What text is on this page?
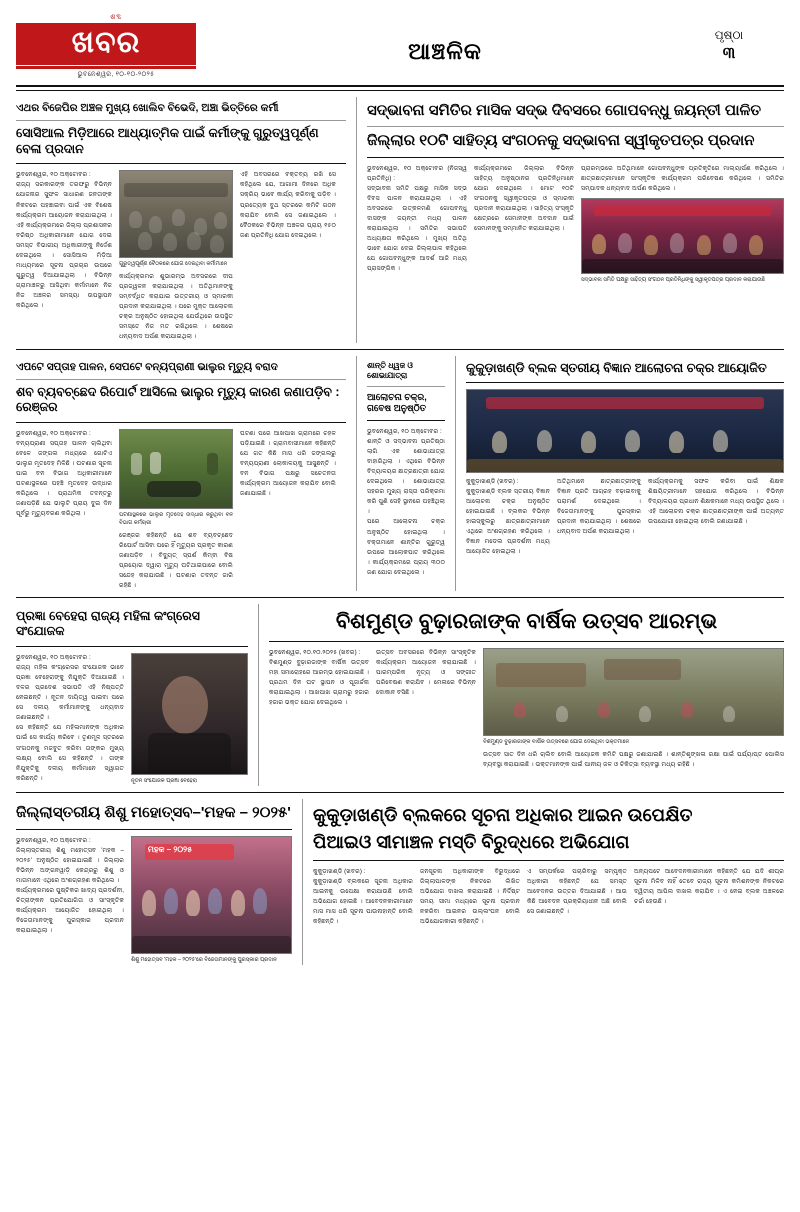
ଶବ୍ଦ
ଖବର
ଭୁବନେଶ୍ୱର, ୧୦-୧୦-୨୦୨୫
ଆଞ୍ଚଳିକ
ପୃଷ୍ଠା
୩
ଏଥର ବିଜେପିର ଅଞ୍ଚଳ ମୁଖ୍ୟ ଖୋଲିବ ବିଭେଦି, ଅଞ୍ଚା ଭିତ୍ତିରେ କର୍ମୀ
ସୋସିଆଲ ମିଡ଼ିଆରେ ଆଧ୍ୟାତ୍ମିକ ପାଇଁ କର୍ମୀଙ୍କୁ ଗୁରୁତ୍ୱପୂର୍ଣ୍ଣ ବେଳା ପ୍ରଦାନ
ଭୁବନେଶ୍ୱର, ୧୦ ଅକ୍ଟୋବର :
ରାଜ୍ୟ ସରକାରଙ୍କ ତରଫରୁ ବିଭିନ୍ନ ଯୋଜନାର ସୁଫଳ ସାଧାରଣ ଜନତାଙ୍କ ନିକଟରେ ପହଞ୍ଚାଇବା ପାଇଁ ଏକ ବିଶେଷ କାର୍ଯ୍ୟକ୍ରମ ଆୟୋଜନ କରାଯାଇଥିଲା । ଏହି କାର୍ଯ୍ୟକ୍ରମରେ ଜିଲ୍ଲା ପ୍ରଶାସନର ବରିଷ୍ଠ ଅଧିକାରୀମାନେ ଯୋଗ ଦେଇ ସମସ୍ତ ବିଭାଗୀୟ ଅଧିକାରୀଙ୍କୁ ନିର୍ଦ୍ଦେଶ ଦେଇଥିଲେ । ସୋସିଆଲ ମିଡ଼ିଆ ମାଧ୍ୟମରେ ସୂଚନା ପ୍ରଚାର ଉପରେ ଗୁରୁତ୍ୱ ଦିଆଯାଇଥିଲା । ବିଭିନ୍ନ ଗ୍ରାମାଞ୍ଚଳରୁ ଆସିଥିବା କର୍ମୀମାନେ ନିଜ ନିଜ ଅଞ୍ଚଳର ସମସ୍ୟା ଉପସ୍ଥାପନ କରିଥିଲେ ।
ଗୁରୁତ୍ୱପୂର୍ଣ୍ଣ ବୈଠକରେ ଯୋଗ ଦେଇଥିବା କର୍ମୀମାନେ
କାର୍ଯ୍ୟକ୍ରମର ଶୁଭାରମ୍ଭ ଅବସରରେ ଦୀପ ପ୍ରଜ୍ୱଳନ କରାଯାଇଥିଲା । ଅତିଥିମାନଙ୍କୁ ସମ୍ବର୍ଦ୍ଧିତ କରାଯାଇ ଉତ୍ତରୀୟ ଓ ସ୍ମାରକୀ ପ୍ରଦାନ କରାଯାଇଥିଲା । ପରେ ମୁକ୍ତ ଆଲୋଚନା ଚକ୍ର ଅନୁଷ୍ଠିତ ହୋଇଥିଲା ଯେଉଁଥିରେ ଉପସ୍ଥିତ ସମସ୍ତେ ନିଜ ମତ ରଖିଥିଲେ । ଶେଷରେ ଧନ୍ୟବାଦ ଅର୍ପଣ କରାଯାଇଥିଲା ।
ଏହି ଅବସରରେ ବକ୍ତବ୍ୟ ରଖି ସେ କହିଥିଲେ ଯେ, ଆଗାମୀ ଦିନରେ ଅଧିକ ସକ୍ରିୟ ଭାବେ କାର୍ଯ୍ୟ କରିବାକୁ ପଡ଼ିବ । ପ୍ରତ୍ୟେକ ବୁଥ ସ୍ତରରେ କମିଟି ଗଠନ କରାଯିବ ବୋଲି ସେ ଜଣାଇଥିଲେ । ବୈଠକରେ ବିଭିନ୍ନ ଅଞ୍ଚଳର ପ୍ରାୟ ୧୫୦ ଜଣ ପ୍ରତିନିଧି ଯୋଗ ଦେଇଥିଲେ ।
ସଦ୍‌ଭାବନା ସମିତିର ମାସିକ ସଦ୍ଭ ଦିବସରେ ଗୋପବନ୍ଧୁ ଜୟନ୍ତୀ ପାଳିତ
ଜିଲ୍ଲାର ୧୦ଟି ସାହିତ୍ୟ ସଂଗଠନକୁ ସଦ୍‌ଭାବନା ସ୍ୱୀକୃତପତ୍ର ପ୍ରଦାନ
ଭୁବନେଶ୍ୱର, ୧୦ ଅକ୍ଟୋବର (ନିଜସ୍ୱ ପ୍ରତିନିଧି) :
ସଦ୍‌ଭାବନା ସମିତି ପକ୍ଷରୁ ମାସିକ ସଦ୍ଭ ଦିବସ ପାଳନ କରାଯାଇଥିଲା । ଏହି ଅବସରରେ ଉତ୍କଳମଣି ଗୋପବନ୍ଧୁ ଦାସଙ୍କ ଜୟନ୍ତୀ ମଧ୍ୟ ପାଳନ କରାଯାଇଥିଲା । ସମିତିର ସଭାପତି ଅଧ୍ୟକ୍ଷତା କରିଥିଲେ । ମୁଖ୍ୟ ଅତିଥି ଭାବେ ଯୋଗ ଦେଇ ଜିଲ୍ଲାପାଳ କହିଥିଲେ ଯେ ଗୋପବନ୍ଧୁଙ୍କ ଆଦର୍ଶ ଆଜି ମଧ୍ୟ ପ୍ରାସଙ୍ଗିକ ।
କାର୍ଯ୍ୟକ୍ରମରେ ଜିଲ୍ଲାର ବିଭିନ୍ନ ସାହିତ୍ୟ ଅନୁଷ୍ଠାନର ପ୍ରତିନିଧିମାନେ ଯୋଗ ଦେଇଥିଲେ । ମୋଟ ୧୦ଟି ସଂଗଠନକୁ ସ୍ୱୀକୃତପତ୍ର ଓ ସ୍ମାରକୀ ପ୍ରଦାନ କରାଯାଇଥିଲା । ସାହିତ୍ୟ ସଂସ୍କୃତି କ୍ଷେତ୍ରରେ ସେମାନଙ୍କ ଅବଦାନ ପାଇଁ ସେମାନଙ୍କୁ ସମ୍ମାନିତ କରାଯାଇଥିଲା ।
ପ୍ରାରମ୍ଭରେ ଅତିଥିମାନେ ଗୋପବନ୍ଧୁଙ୍କ ପ୍ରତିକୃତିରେ ମାଲ୍ୟାର୍ପଣ କରିଥିଲେ । ଛାତ୍ରଛାତ୍ରୀମାନେ ସାଂସ୍କୃତିକ କାର୍ଯ୍ୟକ୍ରମ ପରିବେଷଣ କରିଥିଲେ । ସମିତିର ସମ୍ପାଦକ ଧନ୍ୟବାଦ ଅର୍ପଣ କରିଥିଲେ ।
ସଦ୍‌ଭାବନା ସମିତି ପକ୍ଷରୁ ସାହିତ୍ୟ ସଂଗଠନ ପ୍ରତିନିଧିଙ୍କୁ ସ୍ୱୀକୃତପତ୍ର ପ୍ରଦାନ କରାଯାଉଛି
ଏପଟେ ସପ୍ତାହ ପାଳନ, ସେପଟେ ବନ୍ୟପ୍ରାଣୀ ଭାଲୁର ମୃତ୍ୟୁ ବରାଦ
ଶବ ବ୍ୟବଚ୍ଛେଦ ରିପୋର୍ଟ ଆସିଲେ ଭାଲୁର ମୃତ୍ୟୁ କାରଣ ଜଣାପଡ଼ିବ : ରେଞ୍ଜର
ଭୁବନେଶ୍ୱର, ୧୦ ଅକ୍ଟୋବର :
ବନ୍ୟପ୍ରାଣୀ ସପ୍ତାହ ପାଳନ ଚାଲିଥିବା ବେଳେ ଜଙ୍ଗଲ ମଧ୍ୟରେ ଗୋଟିଏ ଭାଲୁର ମୃତଦେହ ମିଳିଛି । ଘଟଣାର ସୂଚନା ପାଇ ବନ ବିଭାଗ ଅଧିକାରୀମାନେ ଘଟଣାସ୍ଥଳରେ ପହଞ୍ଚି ମୃତଦେହ ଉଦ୍ଧାର କରିଥିଲେ । ପ୍ରାଥମିକ ତଦନ୍ତରୁ ଜଣାପଡ଼ିଛି ଯେ ଭାଲୁଟି ପ୍ରାୟ ଦୁଇ ଦିନ ପୂର୍ବରୁ ମୃତ୍ୟୁବରଣ କରିଥିଲା ।	ଘଟଣାସ୍ଥଳରେ ଭାଲୁର ମୃତଦେହ ଉଦ୍ଧାର କରୁଥିବା ବନ ବିଭାଗ କର୍ମଚାରୀ
ରେଞ୍ଜର କହିଛନ୍ତି ଯେ ଶବ ବ୍ୟବଚ୍ଛେଦ ରିପୋର୍ଟ ଆସିବା ପରେ ହିଁ ମୃତ୍ୟୁର ପ୍ରକୃତ କାରଣ ଜଣାପଡ଼ିବ । ବିଦ୍ୟୁତ୍ ସ୍ପର୍ଶ କିମ୍ବା ବିଷ ପ୍ରୟୋଗ ଦ୍ୱାରା ମୃତ୍ୟୁ ଘଟିଥାଇପାରେ ବୋଲି ସନ୍ଦେହ କରାଯାଉଛି । ଘଟଣାର ତଦନ୍ତ ଜାରି ରହିଛି ।
ଘଟଣା ପରେ ଆଖପାଖ ଗ୍ରାମରେ ଚହଳ ପଡ଼ିଯାଇଛି । ଗ୍ରାମବାସୀମାନେ କହିଛନ୍ତି ଯେ ଗତ କିଛି ମାସ ଧରି ଜଙ୍ଗଲରୁ ବନ୍ୟପ୍ରାଣୀ ଲୋକାଳୟକୁ ଆସୁଛନ୍ତି । ବନ ବିଭାଗ ପକ୍ଷରୁ ସଚେତନତା କାର୍ଯ୍ୟକ୍ରମ ଆୟୋଜନ କରାଯିବ ବୋଲି ଜଣାଯାଇଛି ।
ଶାନ୍ତି ଧ୍ୱଜ ଓ ଶୋଭାଯାତ୍ରା
ଆଲୋଚନା ଚକ୍ର, ଗବେଷ ଅନୁଷ୍ଠିତ
ଭୁବନେଶ୍ୱର, ୧୦ ଅକ୍ଟୋବର :
ଶାନ୍ତି ଓ ସଦ୍‌ଭାବନା ପ୍ରତିଷ୍ଠା ଲାଗି ଏକ ଶୋଭାଯାତ୍ରା ବାହାରିଥିଲା । ଏଥିରେ ବିଭିନ୍ନ ବିଦ୍ୟାଳୟର ଛାତ୍ରଛାତ୍ରୀ ଯୋଗ ଦେଇଥିଲେ । ଶୋଭାଯାତ୍ରା ସହରର ମୁଖ୍ୟ ରାସ୍ତା ପରିକ୍ରମା କରି ପୁଣି ସେହି ସ୍ଥାନରେ ପହଞ୍ଚିଥିଲା ।
ପରେ ଆଲୋଚନା ଚକ୍ର ଅନୁଷ୍ଠିତ ହୋଇଥିଲା । ବକ୍ତାମାନେ ଶାନ୍ତିର ଗୁରୁତ୍ୱ ଉପରେ ଆଲୋକପାତ କରିଥିଲେ । କାର୍ଯ୍ୟକ୍ରମରେ ପ୍ରାୟ ୩୦୦ ଜଣ ଯୋଗ ଦେଇଥିଲେ ।
କୁକୁଡ଼ାଖଣ୍ଡି ବ୍ଲକ ସ୍ତରୀୟ ବିଜ୍ଞାନ ଆଲୋଚନା ଚକ୍ର ଆୟୋଜିତ
କୁକୁଡ଼ାଖଣ୍ଡି (ଖବର) :
କୁକୁଡ଼ାଖଣ୍ଡି ବ୍ଲକ ସ୍ତରୀୟ ବିଜ୍ଞାନ ଆଲୋଚନା ଚକ୍ର ଅନୁଷ୍ଠିତ ହୋଇଯାଇଛି । ବ୍ଲକର ବିଭିନ୍ନ ହାଇସ୍କୁଲରୁ ଛାତ୍ରଛାତ୍ରୀମାନେ ଏଥିରେ ଅଂଶଗ୍ରହଣ କରିଥିଲେ । ବିଜ୍ଞାନ ମଡେଲ ପ୍ରଦର୍ଶନୀ ମଧ୍ୟ ଆୟୋଜିତ ହୋଇଥିଲା ।
ଅତିଥିମାନେ ଛାତ୍ରଛାତ୍ରୀଙ୍କୁ ବିଜ୍ଞାନ ପ୍ରତି ଆଗ୍ରହ ବଢ଼ାଇବାକୁ ପରାମର୍ଶ ଦେଇଥିଲେ । ବିଜେତାମାନଙ୍କୁ ପୁରସ୍କାର ପ୍ରଦାନ କରାଯାଇଥିଲା । ଶେଷରେ ଧନ୍ୟବାଦ ଅର୍ପଣ କରାଯାଇଥିଲା ।
କାର୍ଯ୍ୟକ୍ରମକୁ ସଫଳ କରିବା ପାଇଁ ଶିକ୍ଷକ ଶିକ୍ଷୟିତ୍ରୀମାନେ ସହଯୋଗ କରିଥିଲେ । ବିଭିନ୍ନ ବିଦ୍ୟାଳୟର ପ୍ରଧାନ ଶିକ୍ଷକମାନେ ମଧ୍ୟ ଉପସ୍ଥିତ ଥିଲେ । ଏହି ଆଲୋଚନା ଚକ୍ର ଛାତ୍ରଛାତ୍ରୀଙ୍କ ପାଇଁ ଅତ୍ୟନ୍ତ ଉପଯୋଗୀ ହୋଇଥିଲା ବୋଲି ଜଣାଯାଇଛି ।
ପ୍ରଜ୍ଞା ବେହେରା ରାଜ୍ୟ ମହିଳା କଂଗ୍ରେସ ସଂଯୋଜକ
ଭୁବନେଶ୍ୱର, ୧୦ ଅକ୍ଟୋବର :
ରାଜ୍ୟ ମହିଳା କଂଗ୍ରେସର ସଂଯୋଜକ ଭାବେ ପ୍ରଜ୍ଞା ବେହେରାଙ୍କୁ ନିଯୁକ୍ତି ଦିଆଯାଇଛି । ଦଳର ପ୍ରଦେଶ ସଭାପତି ଏହି ନିଷ୍ପତ୍ତି ନେଇଛନ୍ତି । ନୂତନ ଦାୟିତ୍ୱ ପାଇବା ପରେ ସେ ଦଳୀୟ କର୍ମୀମାନଙ୍କୁ ଧନ୍ୟବାଦ ଜଣାଇଛନ୍ତି ।
ସେ କହିଛନ୍ତି ଯେ ମହିଳାମାନଙ୍କ ଅଧିକାର ପାଇଁ ସେ କାର୍ଯ୍ୟ କରିବେ । ତୃଣମୂଳ ସ୍ତରରେ ସଂଗଠନକୁ ମଜବୁତ କରିବା ତାଙ୍କର ମୁଖ୍ୟ ଲକ୍ଷ୍ୟ ବୋଲି ସେ କହିଛନ୍ତି । ତାଙ୍କ ନିଯୁକ୍ତିକୁ ଦଳୀୟ କର୍ମୀମାନେ ସ୍ୱାଗତ କରିଛନ୍ତି ।	ନୂତନ ସଂଯୋଜକ ପ୍ରଜ୍ଞା ବେହେରା
ବିଶମୁଣ୍ଡ ବୁଢ଼ାରଜାଙ୍କ ବାର୍ଷିକ ଉତ୍ସବ ଆରମ୍ଭ
ଭୁବନେଶ୍ୱର, ୧୦.୧୦.୨୦୨୫ (ଖବର) :
ବିଶମୁଣ୍ଡ ବୁଢ଼ାରଜାଙ୍କ ବାର୍ଷିକ ଉତ୍ସବ ମହା ସମାରୋହରେ ଆରମ୍ଭ ହୋଇଯାଇଛି । ପ୍ରଥମ ଦିନ ଘଟ ସ୍ଥାପନ ଓ ପୂଜାର୍ଚ୍ଚନା କରାଯାଇଥିଲା । ଆଖପାଖ ଗ୍ରାମରୁ ହଜାର ହଜାର ଭକ୍ତ ଯୋଗ ଦେଇଥିଲେ ।
ଉତ୍ସବ ଅବସରରେ ବିଭିନ୍ନ ସାଂସ୍କୃତିକ କାର୍ଯ୍ୟକ୍ରମ ଆୟୋଜନ କରାଯାଇଛି । ପାରମ୍ପରିକ ନୃତ୍ୟ ଓ ସଙ୍ଗୀତ ପରିବେଷଣ କରାଯିବ । ମେଳାରେ ବିଭିନ୍ନ ଦୋକାନ ବସିଛି ।
ବିଶମୁଣ୍ଡ ବୁଢ଼ାରଜାଙ୍କ ବାର୍ଷିକ ଉତ୍ସବରେ ଯୋଗ ଦେଇଥିବା ଭକ୍ତମାନେ
ଉତ୍ସବ ସାତ ଦିନ ଧରି ଚାଲିବ ବୋଲି ଆୟୋଜକ କମିଟି ପକ୍ଷରୁ ଜଣାଯାଇଛି । ଶାନ୍ତିଶୃଙ୍ଖଳା ରକ୍ଷା ପାଇଁ ପର୍ଯ୍ୟାପ୍ତ ପୋଲିସ ବ୍ୟବସ୍ଥା କରାଯାଇଛି । ଭକ୍ତମାନଙ୍କ ପାଇଁ ପାନୀୟ ଜଳ ଓ ଚିକିତ୍ସା ବ୍ୟବସ୍ଥା ମଧ୍ୟ ରହିଛି ।
ଜିଲ୍ଲାସ୍ତରୀୟ ଶିଶୁ ମହୋତ୍ସବ–'ମହକ – ୨୦୨୫'
ଭୁବନେଶ୍ୱର, ୧୦ ଅକ୍ଟୋବର :
ଜିଲ୍ଲାସ୍ତରୀୟ ଶିଶୁ ମହୋତ୍ସବ 'ମହକ – ୨୦୨୫' ଅନୁଷ୍ଠିତ ହୋଇଯାଇଛି । ଜିଲ୍ଲାର ବିଭିନ୍ନ ଅଙ୍ଗନୱାଡ଼ି କେନ୍ଦ୍ରରୁ ଶିଶୁ ଓ ମାତାମାନେ ଏଥିରେ ଅଂଶଗ୍ରହଣ କରିଥିଲେ ।
କାର୍ଯ୍ୟକ୍ରମରେ ପୁଷ୍ଟିକର ଖାଦ୍ୟ ପ୍ରଦର୍ଶନୀ, ଚିତ୍ରାଙ୍କନ ପ୍ରତିଯୋଗିତା ଓ ସାଂସ୍କୃତିକ କାର୍ଯ୍ୟକ୍ରମ ଆୟୋଜିତ ହୋଇଥିଲା । ବିଜେତାମାନଙ୍କୁ ପୁରସ୍କାର ପ୍ରଦାନ କରାଯାଇଥିଲା ।
ମହକ – ୨୦୨୫
ଶିଶୁ ମହୋତ୍ସବ 'ମହକ – ୨୦୨୫'ରେ ବିଜେତାମାନଙ୍କୁ ପୁରସ୍କାର ପ୍ରଦାନ
କୁକୁଡ଼ାଖଣ୍ଡି ବ୍ଲକରେ ସୂଚନା ଅଧିକାର ଆଇନ ଉପେକ୍ଷିତ
ପିଆଇଓ ସୀମାଞ୍ଚଳ ମସ୍ତି ବିରୁଦ୍ଧରେ ଅଭିଯୋଗ
କୁକୁଡ଼ାଖଣ୍ଡି (ଖବର) :
କୁକୁଡ଼ାଖଣ୍ଡି ବ୍ଲକରେ ସୂଚନା ଅଧିକାର ଆଇନକୁ ଉପେକ୍ଷା କରାଯାଉଛି ବୋଲି ଅଭିଯୋଗ ହୋଇଛି । ଆବେଦନକାରୀମାନେ ମାସ ମାସ ଧରି ସୂଚନା ପାଉନାହାନ୍ତି ବୋଲି କହିଛନ୍ତି ।
ଜନସୂଚନା ଅଧିକାରୀଙ୍କ ବିରୁଦ୍ଧରେ ଜିଲ୍ଲାପାଳଙ୍କ ନିକଟରେ ଲିଖିତ ଅଭିଯୋଗ ଦାଖଲ କରାଯାଇଛି । ନିର୍ଦ୍ଦିଷ୍ଟ ସମୟ ସୀମା ମଧ୍ୟରେ ସୂଚନା ପ୍ରଦାନ ନକରିବା ଆଇନର ଉଲ୍ଲଂଘନ ବୋଲି ଅଭିଯୋଗକାରୀ କହିଛନ୍ତି ।
ଏ ସମ୍ପର୍କରେ ପଚାରିବାରୁ ସମ୍ପୃକ୍ତ ଅଧିକାରୀ କହିଛନ୍ତି ଯେ ସମସ୍ତ ଆବେଦନର ଉତ୍ତର ଦିଆଯାଇଛି । ଆଉ କିଛି ଆବେଦନ ପ୍ରକ୍ରିୟାଧୀନ ଅଛି ବୋଲି ସେ ଜଣାଇଛନ୍ତି ।
ଅନ୍ୟପଟେ ଆବେଦନକାରୀମାନେ କହିଛନ୍ତି ଯେ ଯଦି ଶୀଘ୍ର ସୂଚନା ମିଳିବ ନାହିଁ ତେବେ ରାଜ୍ୟ ସୂଚନା କମିଶନଙ୍କ ନିକଟରେ ଦ୍ୱିତୀୟ ଆପିଲ ଦାଖଲ କରାଯିବ । ଏ ନେଇ ବ୍ଲକ ଅଞ୍ଚଳରେ ଚର୍ଚ୍ଚା ହେଉଛି ।
